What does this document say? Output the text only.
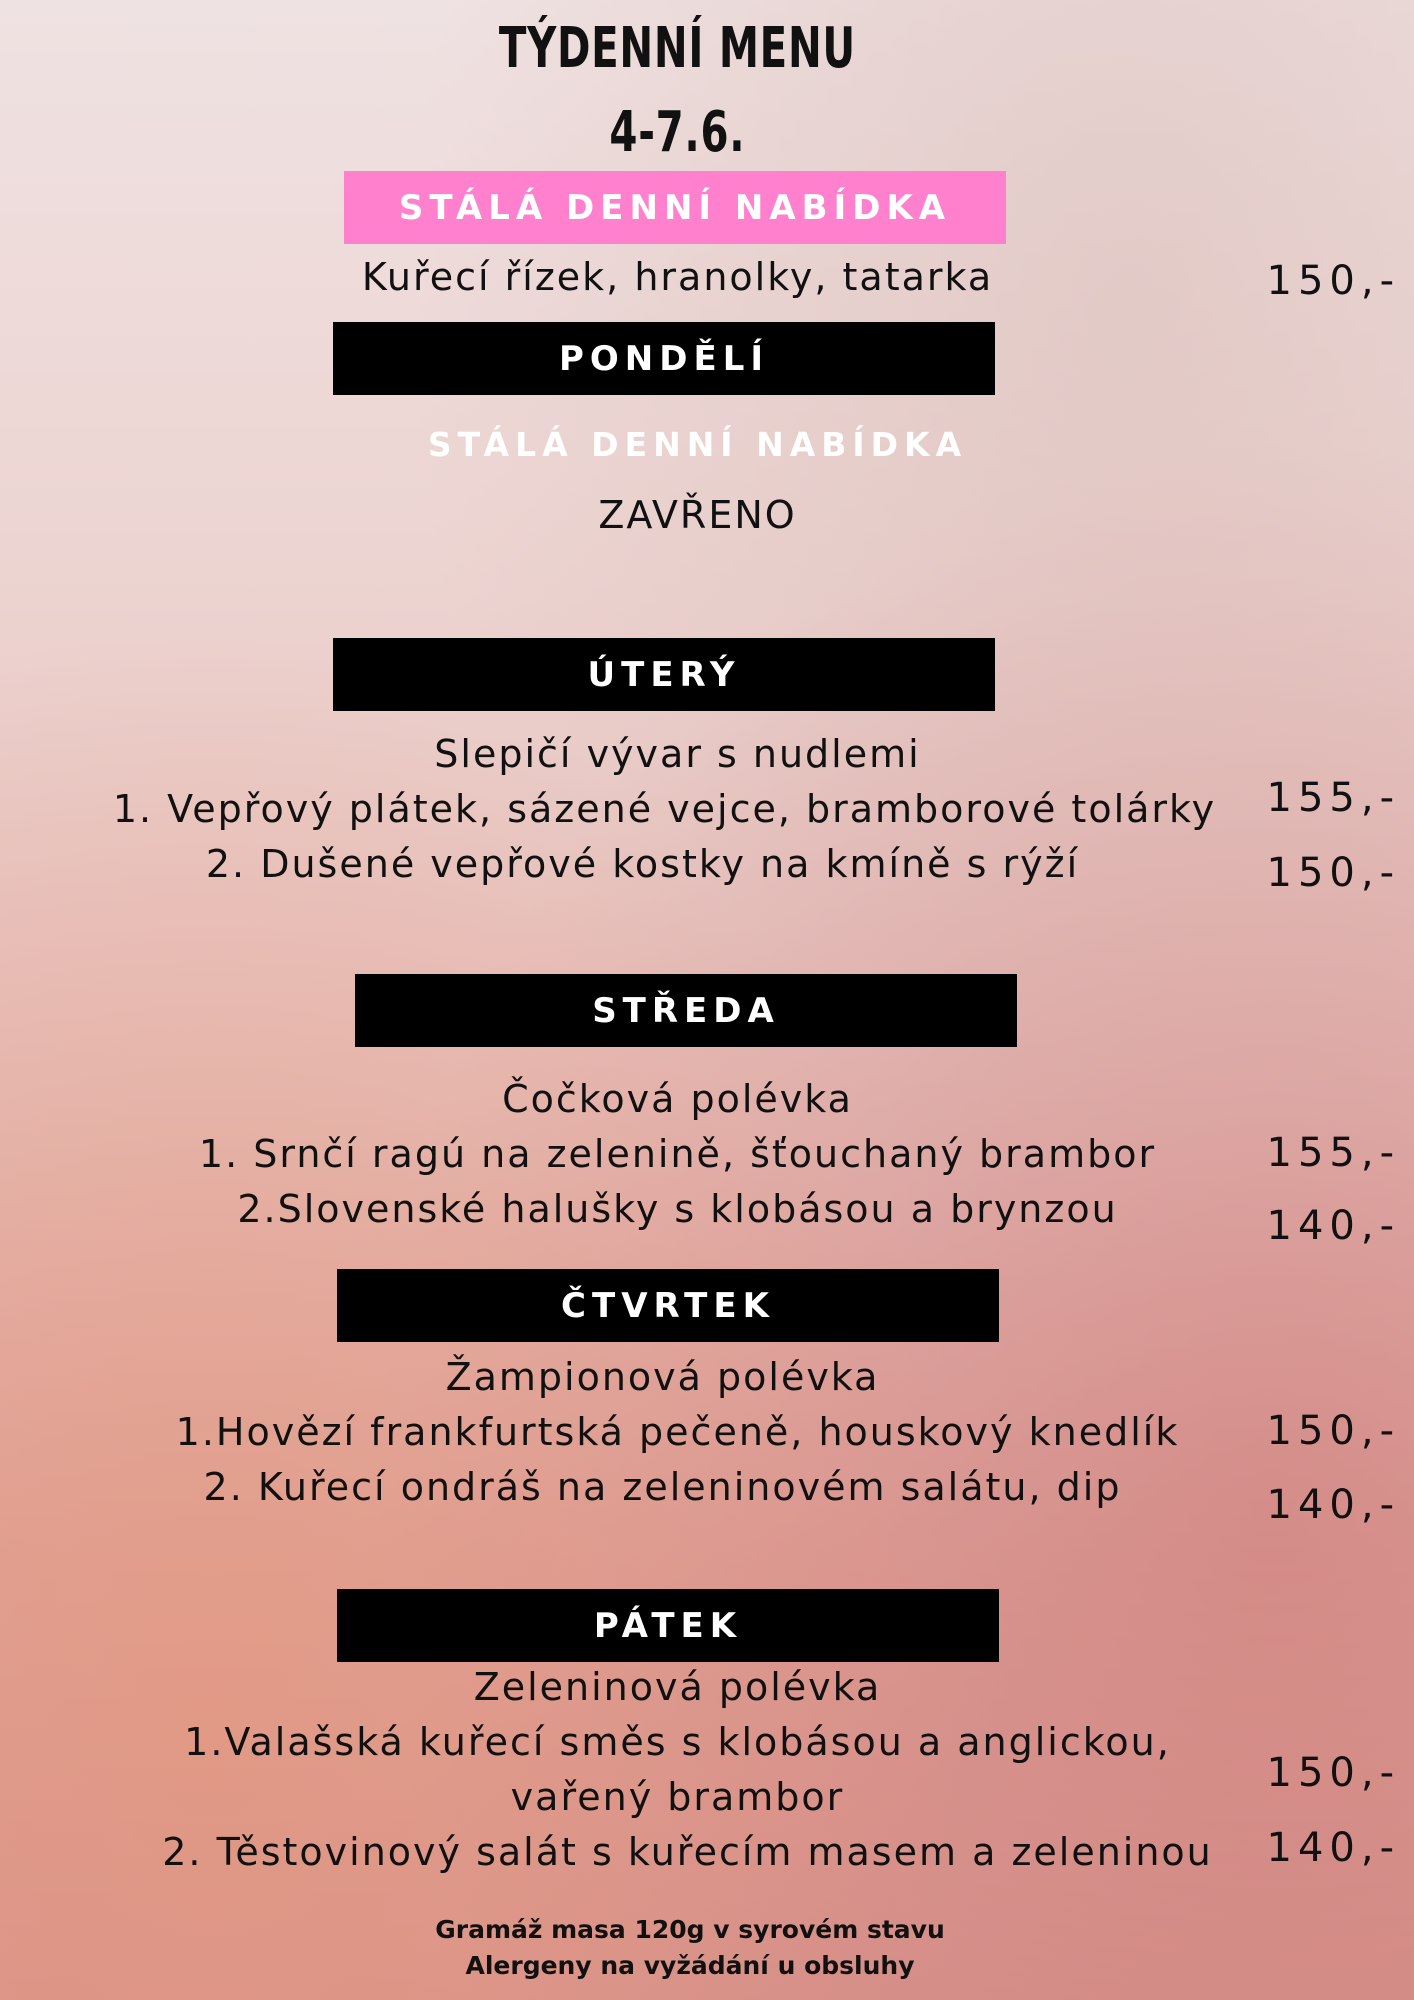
TÝDENNÍ MENU
4-7.6.
STÁLÁ DENNÍ NABÍDKA
Kuřecí řízek, hranolky, tatarka	150,-
PONDĚLÍ
STÁLÁ DENNÍ NABÍDKA
ZAVŘENO
ÚTERÝ
Slepičí vývar s nudlemi
1. Vepřový plátek, sázené vejce, bramborové tolárky	155,-
2. Dušené vepřové kostky na kmíně s rýží	150,-
STŘEDA
Čočková polévka
1. Srnčí ragú na zelenině, šťouchaný brambor	155,-
2.Slovenské halušky s klobásou a brynzou	140,-
ČTVRTEK
Žampionová polévka
1.Hovězí frankfurtská pečeně, houskový knedlík	150,-
2. Kuřecí ondráš na zeleninovém salátu, dip	140,-
PÁTEK
Zeleninová polévka
1.Valašská kuřecí směs s klobásou a anglickou,
vařený brambor
150,-
2. Těstovinový salát s kuřecím masem a zeleninou	140,-
Gramáž masa 120g v syrovém stavu
Alergeny na vyžádání u obsluhy
